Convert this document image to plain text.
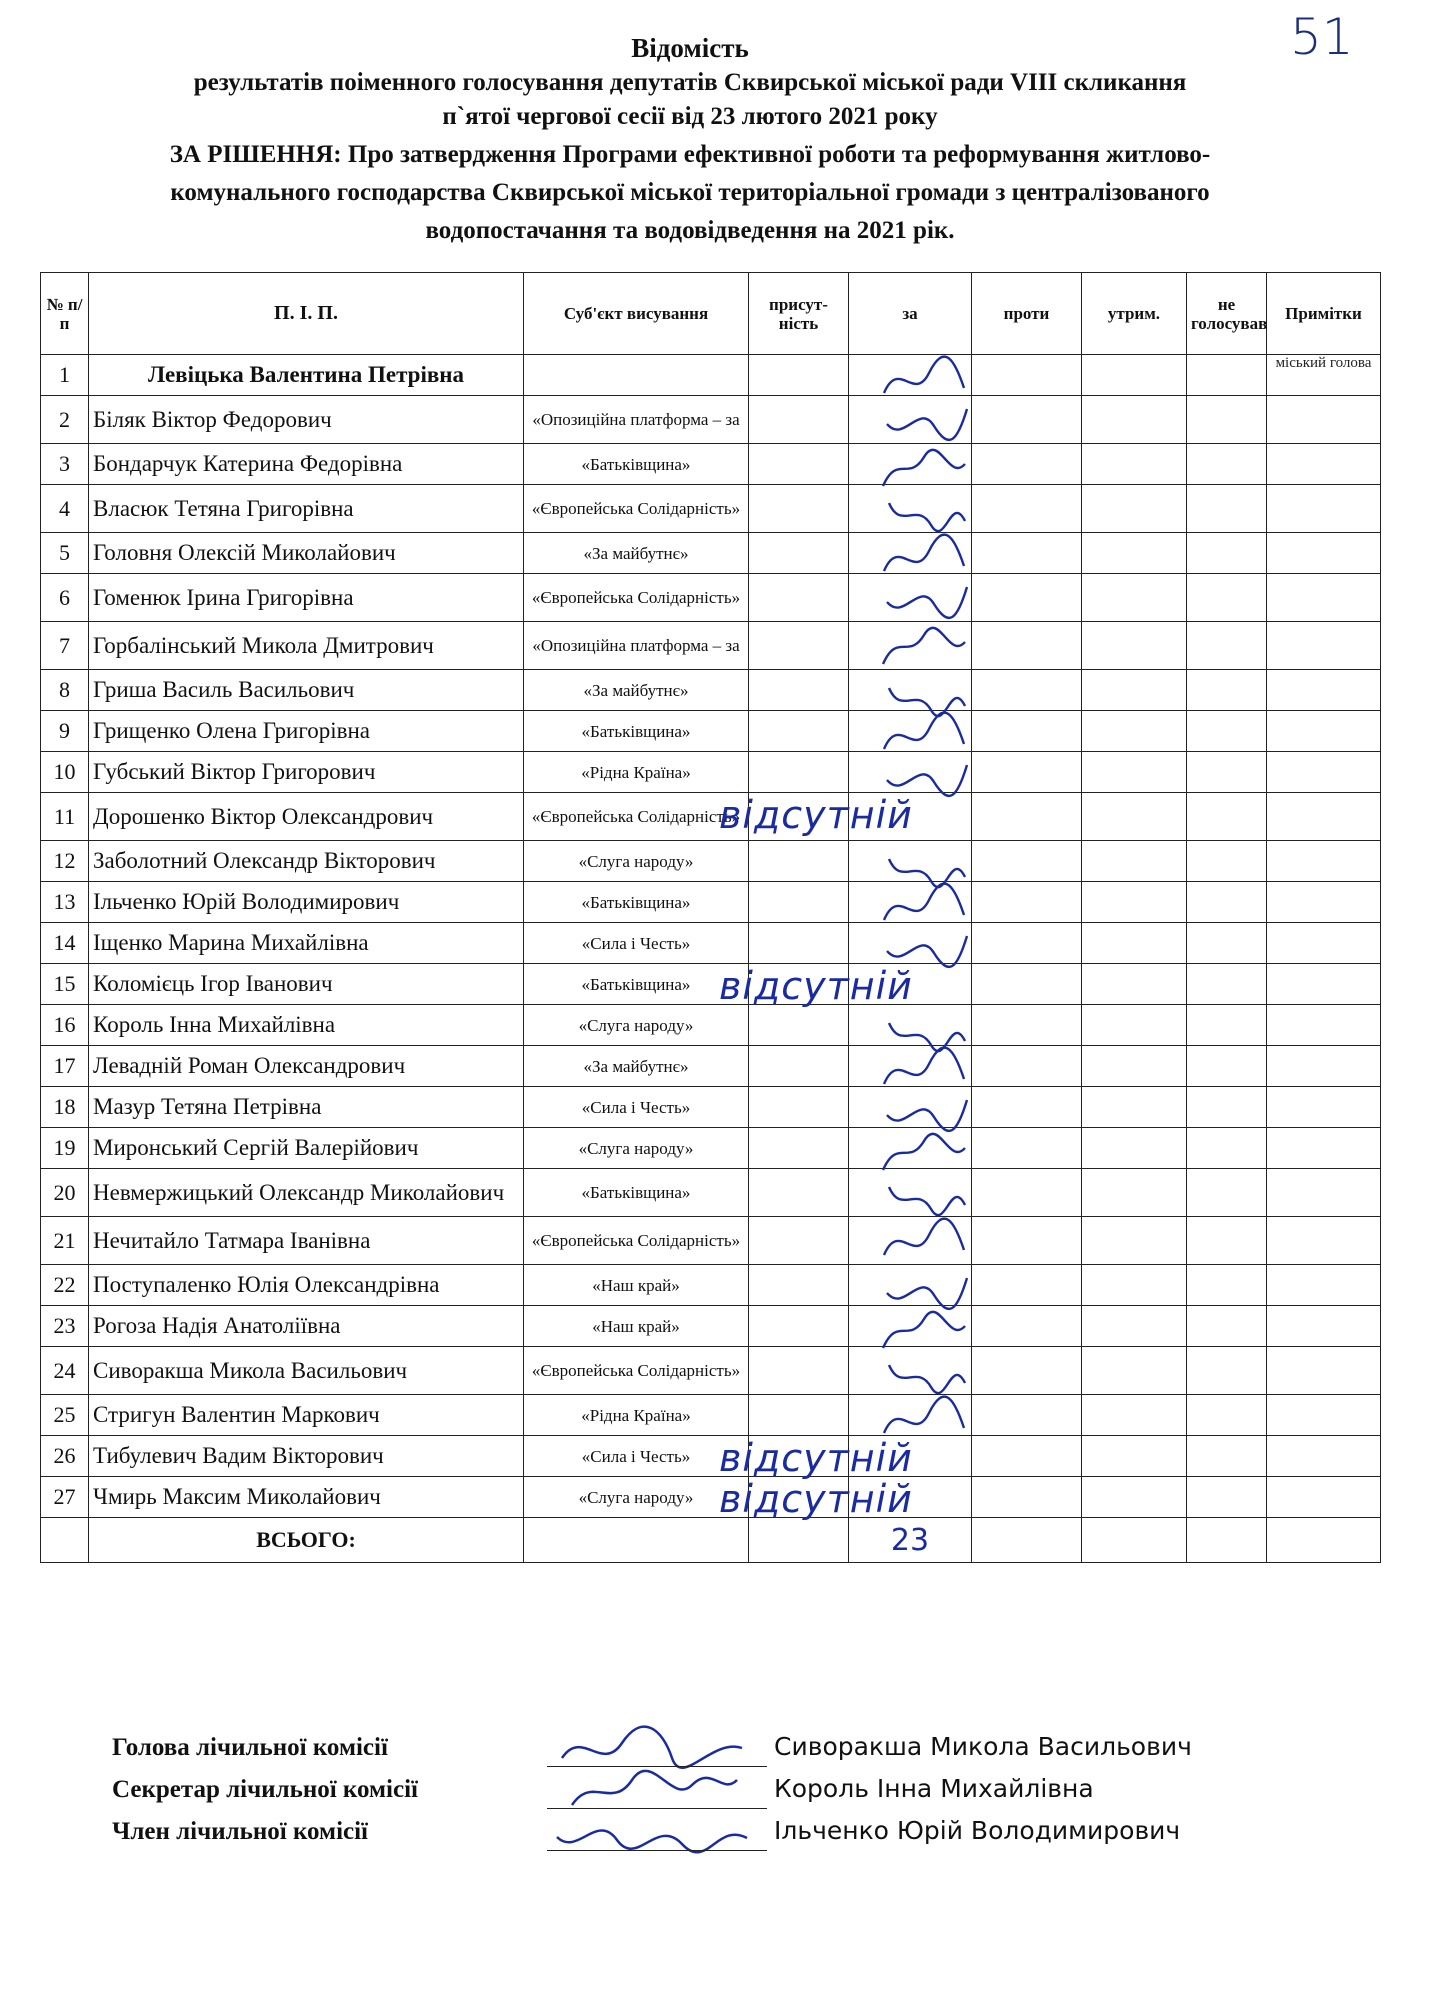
51
Відомість
результатів поіменного голосування депутатів Сквирської міської ради VIII скликання
п`ятої чергової сесії від 23 лютого 2021 року
ЗА РІШЕННЯ: Про затвердження Програми ефективної роботи та реформування житлово-
комунального господарства Сквирської міської територіальної громади з централізованого
водопостачання та водовідведення на 2021 рік.
№ п/п	П. І. П.	Суб'єкт висування	присут-ність	за	проти	утрим.	не голосував	Примітки
1	Левіцька Валентина Петрівна							міський голова
2	Біляк Віктор Федорович	«Опозиційна платформа – за		

3	Бондарчук Катерина Федорівна	«Батьківщина»		

4	Власюк Тетяна Григорівна	«Європейська Солідарність»		

5	Головня Олексій Миколайович	«За майбутнє»		

6	Гоменюк Ірина Григорівна	«Європейська Солідарність»		

7	Горбалінський Микола Дмитрович	«Опозиційна платформа – за		

8	Гриша Василь Васильович	«За майбутнє»		

9	Грищенко Олена Григорівна	«Батьківщина»		

10	Губський Віктор Григорович	«Рідна Країна»		

11	Дорошенко Віктор Олександрович	«Європейська Солідарність»	відсутній					

12	Заболотний Олександр Вікторович	«Слуга народу»		

13	Ільченко Юрій Володимирович	«Батьківщина»		

14	Іщенко Марина Михайлівна	«Сила і Честь»		

15	Коломієць Ігор Іванович	«Батьківщина»	відсутній					

16	Король Інна Михайлівна	«Слуга народу»		

17	Левадній Роман Олександрович	«За майбутнє»		

18	Мазур Тетяна Петрівна	«Сила і Честь»		

19	Миронський Сергій Валерійович	«Слуга народу»		

20	Невмержицький Олександр Миколайович	«Батьківщина»		

21	Нечитайло Татмара Іванівна	«Європейська Солідарність»		

22	Поступаленко Юлія Олександрівна	«Наш край»		

23	Рогоза Надія Анатоліївна	«Наш край»		

24	Сиворакша Микола Васильович	«Європейська Солідарність»		

25	Стригун Валентин Маркович	«Рідна Країна»		

26	Тибулевич Вадим Вікторович	«Сила і Честь»	відсутній					

27	Чмирь Максим Миколайович	«Слуга народу»	відсутній					

	ВСЬОГО:			23				
Голова лічильної комісії	Сиворакша Микола Васильович
Секретар лічильної комісії	Король Інна Михайлівна
Член лічильної комісії	Ільченко Юрій Володимирович
